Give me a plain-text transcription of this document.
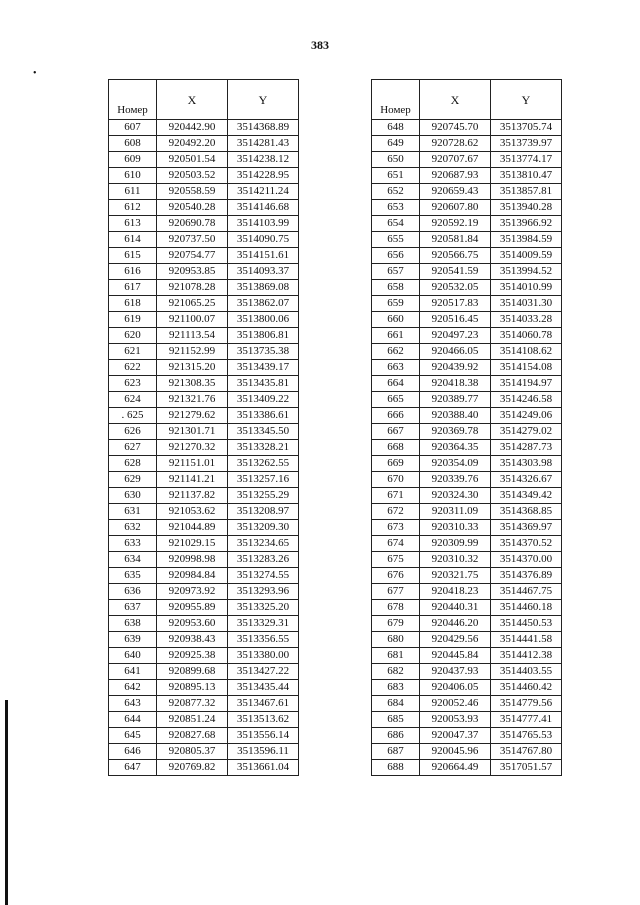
383
•
Номер	X	Y
607	920442.90	3514368.89
608	920492.20	3514281.43
609	920501.54	3514238.12
610	920503.52	3514228.95
611	920558.59	3514211.24
612	920540.28	3514146.68
613	920690.78	3514103.99
614	920737.50	3514090.75
615	920754.77	3514151.61
616	920953.85	3514093.37
617	921078.28	3513869.08
618	921065.25	3513862.07
619	921100.07	3513800.06
620	921113.54	3513806.81
621	921152.99	3513735.38
622	921315.20	3513439.17
623	921308.35	3513435.81
624	921321.76	3513409.22
. 625	921279.62	3513386.61
626	921301.71	3513345.50
627	921270.32	3513328.21
628	921151.01	3513262.55
629	921141.21	3513257.16
630	921137.82	3513255.29
631	921053.62	3513208.97
632	921044.89	3513209.30
633	921029.15	3513234.65
634	920998.98	3513283.26
635	920984.84	3513274.55
636	920973.92	3513293.96
637	920955.89	3513325.20
638	920953.60	3513329.31
639	920938.43	3513356.55
640	920925.38	3513380.00
641	920899.68	3513427.22
642	920895.13	3513435.44
643	920877.32	3513467.61
644	920851.24	3513513.62
645	920827.68	3513556.14
646	920805.37	3513596.11
647	920769.82	3513661.04
Номер	X	Y
648	920745.70	3513705.74
649	920728.62	3513739.97
650	920707.67	3513774.17
651	920687.93	3513810.47
652	920659.43	3513857.81
653	920607.80	3513940.28
654	920592.19	3513966.92
655	920581.84	3513984.59
656	920566.75	3514009.59
657	920541.59	3513994.52
658	920532.05	3514010.99
659	920517.83	3514031.30
660	920516.45	3514033.28
661	920497.23	3514060.78
662	920466.05	3514108.62
663	920439.92	3514154.08
664	920418.38	3514194.97
665	920389.77	3514246.58
666	920388.40	3514249.06
667	920369.78	3514279.02
668	920364.35	3514287.73
669	920354.09	3514303.98
670	920339.76	3514326.67
671	920324.30	3514349.42
672	920311.09	3514368.85
673	920310.33	3514369.97
674	920309.99	3514370.52
675	920310.32	3514370.00
676	920321.75	3514376.89
677	920418.23	3514467.75
678	920440.31	3514460.18
679	920446.20	3514450.53
680	920429.56	3514441.58
681	920445.84	3514412.38
682	920437.93	3514403.55
683	920406.05	3514460.42
684	920052.46	3514779.56
685	920053.93	3514777.41
686	920047.37	3514765.53
687	920045.96	3514767.80
688	920664.49	3517051.57
